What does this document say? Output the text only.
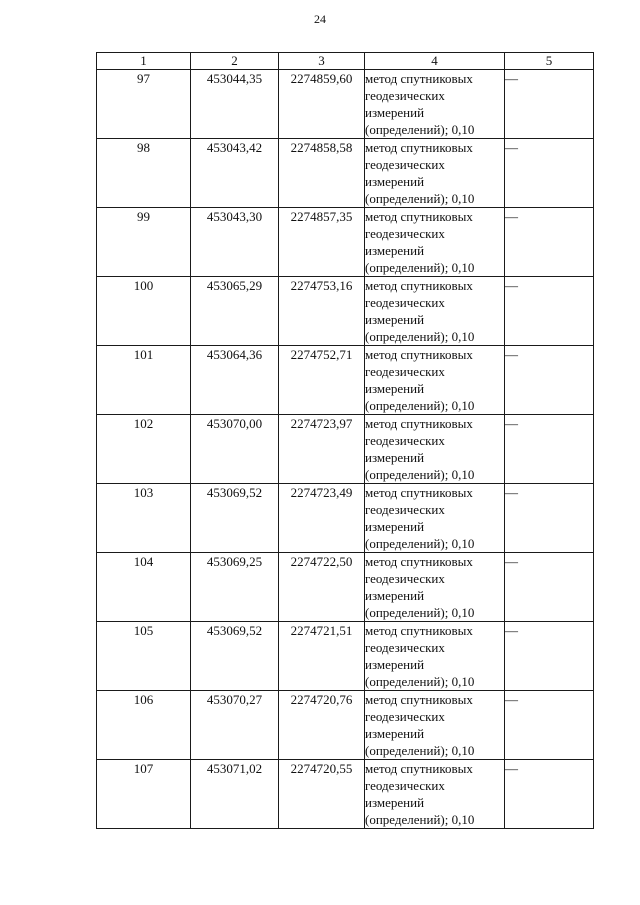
24
1	2	3	4	5
97	453044,35	2274859,60	метод спутниковых
геодезических
измерений
(определений); 0,10	—
98	453043,42	2274858,58	метод спутниковых
геодезических
измерений
(определений); 0,10	—
99	453043,30	2274857,35	метод спутниковых
геодезических
измерений
(определений); 0,10	—
100	453065,29	2274753,16	метод спутниковых
геодезических
измерений
(определений); 0,10	—
101	453064,36	2274752,71	метод спутниковых
геодезических
измерений
(определений); 0,10	—
102	453070,00	2274723,97	метод спутниковых
геодезических
измерений
(определений); 0,10	—
103	453069,52	2274723,49	метод спутниковых
геодезических
измерений
(определений); 0,10	—
104	453069,25	2274722,50	метод спутниковых
геодезических
измерений
(определений); 0,10	—
105	453069,52	2274721,51	метод спутниковых
геодезических
измерений
(определений); 0,10	—
106	453070,27	2274720,76	метод спутниковых
геодезических
измерений
(определений); 0,10	—
107	453071,02	2274720,55	метод спутниковых
геодезических
измерений
(определений); 0,10	—
